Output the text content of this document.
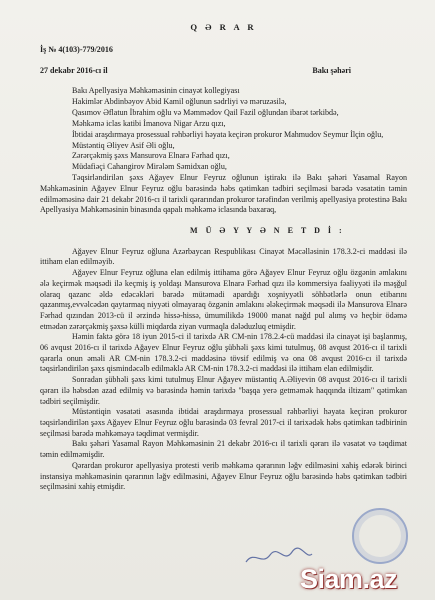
Q Ə R A R
İş № 4(103)-779/2016
27 dekabr 2016-cı il	Bakı şəhəri

Bakı Apellyasiya Məhkəməsinin cinayət kollegiyası

Hakimlər Abdinbəyov Abid Kamil oğlunun sədrliyi və məruzəsilə,

Qasımov Əflatun İbrahim oğlu və Məmmədov Qail Fazil oğlundan ibarət tərkibdə,

Məhkəmə iclas katibi İmanova Nigar Arzu qızı,

İbtidai araşdırmaya prosessual rəhbərliyi həyata keçirən prokuror Mahmudov Seymur İlçin oğlu,

Müstəntiq Əliyev Asif Əli oğlu,

Zərərçəkmiş şəxs Mansurova Elnarə Fərhad qızı,

Müdafiəçi Cahangirov Mirələm Səmidxan oğlu,

Təqsirləndirilən şəxs Ağayev Elnur Feyruz oğlunun iştirakı ilə Bakı şəhəri Yasamal Rayon Məhkəməsinin Ağayev Elnur Feyruz oğlu barəsində həbs qətimkan tədbiri seçilməsi barədə vəsatətin təmin edilməməsinə dair 21 dekabr 2016-cı il tarixli qərarından prokuror tərəfindən verilmiş apellyasiya protestinə Bakı Apellyasiya Məhkəməsinin binasında qapalı məhkəmə iclasında baxaraq,

M Ü Ə Y Y Ə N E T D İ :

Ağayev Elnur Feyruz oğluna Azərbaycan Respublikası Cinayət Məcəlləsinin 178.3.2-ci maddəsi ilə ittiham elan edilməyib.

Ağayev Elnur Feyruz oğluna elan edilmiş ittihama görə Ağayev Elnur Feyruz oğlu özgənin əmlakını ələ keçirmək məqsədi ilə keçmiş iş yoldaşı Mansurova Elnarə Fərhad qızı ilə kommersiya fəaliyyəti ilə məşğul olaraq qazanc əldə edəcəkləri barədə mütəmadi apardığı xoşniyyətli söhbətlərlə onun etibarını qazanmış,evvəlcədən qaytarmaq niyyəti olmayaraq özgənin əmlakını ələkeçirmək məqsədi ilə Mansurova Elnarə Fərhad qızından 2013-cü il ərzində hissə-hissə, ümumilikdə 19000 manat nağd pul alımş və heçbir ödəmə etmədən zərərçəkmiş şəxsə külli miqdarda ziyan vurmaqla dələduzluq etmişdir.

Həmin faktə görə 18 iyun 2015-ci il tarixdə AR CM-nin 178.2.4-cü maddəsi ilə cinayət işi başlanmış, 06 avqust 2016-cı il tarixdə Ağayev Elnur Feyruz oğlu şübhəli şəxs kimi tutulmuş, 08 avqust 2016-cı il tarixli qərarla onun əməli AR CM-nin 178.3.2-ci maddəsinə tövsif edilmiş və ona 08 avqust 2016-cı il tarixdə təqsirləndirilən şəxs qismindəcəlb edilməklə AR CM-nin 178.3.2-ci maddəsi ilə ittiham elan edilmişdir.

Sonradan şübhəli şəxs kimi tutulmuş Elnur Ağayev müstəntiq A.Əliyevin 08 avqust 2016-cı il tarixli qərarı ilə həbsdən azad edilmiş və barəsində həmin tarixdə "başqa yerə getməmək haqqında iltizam" qətimkan tədbiri seçilmişdir.

Müstəntiqin vəsatəti əsasında ibtidai araşdırmaya prosessual rəhbərliyi həyata keçirən prokuror təqsirləndirilən şəxs Ağayev Elnur Feyruz oğlu barəsində 03 fevral 2017-ci il tarixədək həbs qətimkan tədbirinin seçilməsi barədə məhkəməyə təqdimat vermişdir.

Bakı şəhəri Yasamal Rayon Məhkəməsinin 21 dekabr 2016-cı il tarixli qərarı ilə vəsatət və təqdimat təmin edilməmişdir.

Qərardan prokuror apellyasiya protesti verib məhkəmə qərarının ləğv edilməsini xahiş edərək birinci instansiya məhkəməsinin qərarının ləğv edilməsini, Ağayev Elnur Feyruz oğlu barəsində həbs qətimkan tədbiri seçilməsini xahiş etmişdir.

Siam.az
